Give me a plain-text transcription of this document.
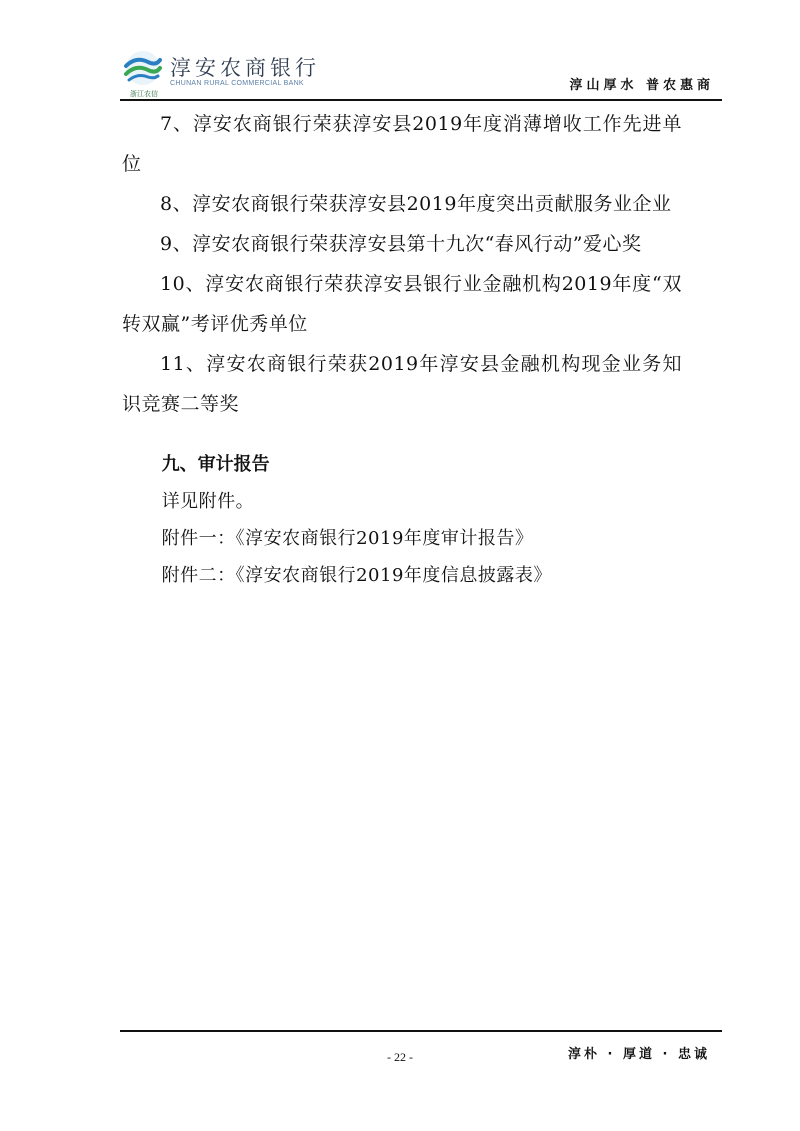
浙江农信
淳安农商银行
CHUNAN RURAL COMMERCIAL BANK	淳山厚水 普农惠商

7、淳安农商银行荣获淳安县2019年度消薄增收工作先进单位

8、淳安农商银行荣获淳安县2019年度突出贡献服务业企业

9、淳安农商银行荣获淳安县第十九次“春风行动”爱心奖

10、淳安农商银行荣获淳安县银行业金融机构2019年度“双转双赢”考评优秀单位

11、淳安农商银行荣获2019年淳安县金融机构现金业务知识竞赛二等奖

九、审计报告

详见附件。

附件一：《淳安农商银行2019年度审计报告》

附件二：《淳安农商银行2019年度信息披露表》

- 22 -	淳朴 · 厚道 · 忠诚
